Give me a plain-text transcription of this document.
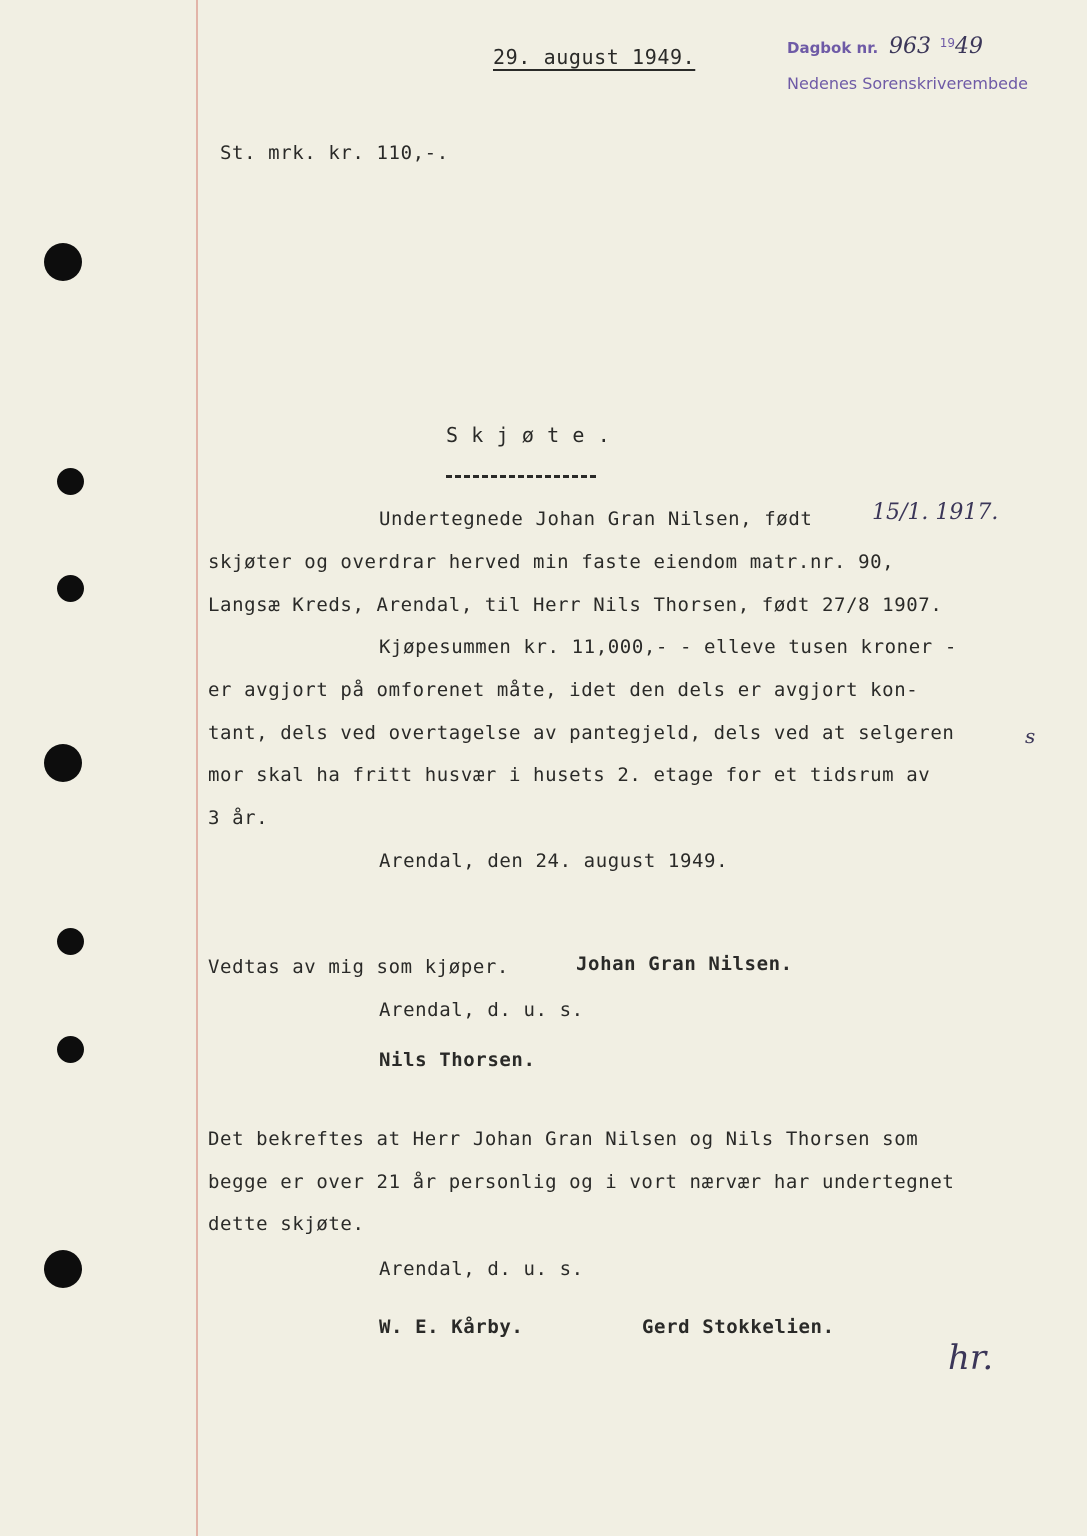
29. august 1949.	Dagbok nr. 963 $^{19}$49
Nedenes Sorenskriverembede
St. mrk. kr. 110,-.
S k j ø t e .
Undertegnede Johan Gran Nilsen, født	15/1. 1917.
skjøter og overdrar herved min faste eiendom matr.nr. 90,
Langsæ Kreds, Arendal, til Herr Nils Thorsen, født 27/8 1907.
Kjøpesummen kr. 11,000,- - elleve tusen kroner -
er avgjort på omforenet måte, idet den dels er avgjort kon-
tant, dels ved overtagelse av pantegjeld, dels ved at selgeren	s
mor skal ha fritt husvær i husets 2. etage for et tidsrum av
3 år.
Arendal, den 24. august 1949.
Vedtas av mig som kjøper.	Johan Gran Nilsen.
Arendal, d. u. s.
Nils Thorsen.
Det bekreftes at Herr Johan Gran Nilsen og Nils Thorsen som
begge er over 21 år personlig og i vort nærvær har undertegnet
dette skjøte.
Arendal, d. u. s.
W. E. Kårby.	Gerd Stokkelien.
hr.
